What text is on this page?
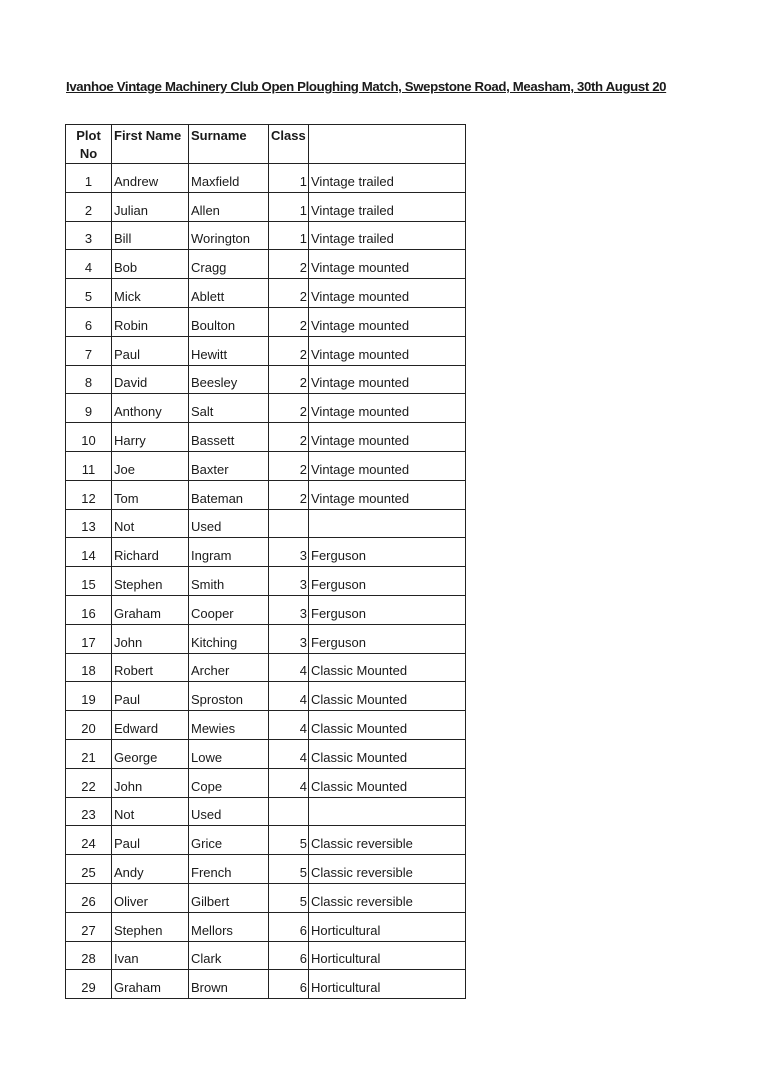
Ivanhoe Vintage Machinery Club Open Ploughing Match, Swepstone Road, Measham, 30th August 20
Plot
No	First Name	Surname	Class	
1	Andrew	Maxfield	1	Vintage trailed
2	Julian	Allen	1	Vintage trailed
3	Bill	Worington	1	Vintage trailed
4	Bob	Cragg	2	Vintage mounted
5	Mick	Ablett	2	Vintage mounted
6	Robin	Boulton	2	Vintage mounted
7	Paul	Hewitt	2	Vintage mounted
8	David	Beesley	2	Vintage mounted
9	Anthony	Salt	2	Vintage mounted
10	Harry	Bassett	2	Vintage mounted
11	Joe	Baxter	2	Vintage mounted
12	Tom	Bateman	2	Vintage mounted
13	Not	Used		
14	Richard	Ingram	3	Ferguson
15	Stephen	Smith	3	Ferguson
16	Graham	Cooper	3	Ferguson
17	John	Kitching	3	Ferguson
18	Robert	Archer	4	Classic Mounted
19	Paul	Sproston	4	Classic Mounted
20	Edward	Mewies	4	Classic Mounted
21	George	Lowe	4	Classic Mounted
22	John	Cope	4	Classic Mounted
23	Not	Used		
24	Paul	Grice	5	Classic reversible
25	Andy	French	5	Classic reversible
26	Oliver	Gilbert	5	Classic reversible
27	Stephen	Mellors	6	Horticultural
28	Ivan	Clark	6	Horticultural
29	Graham	Brown	6	Horticultural
